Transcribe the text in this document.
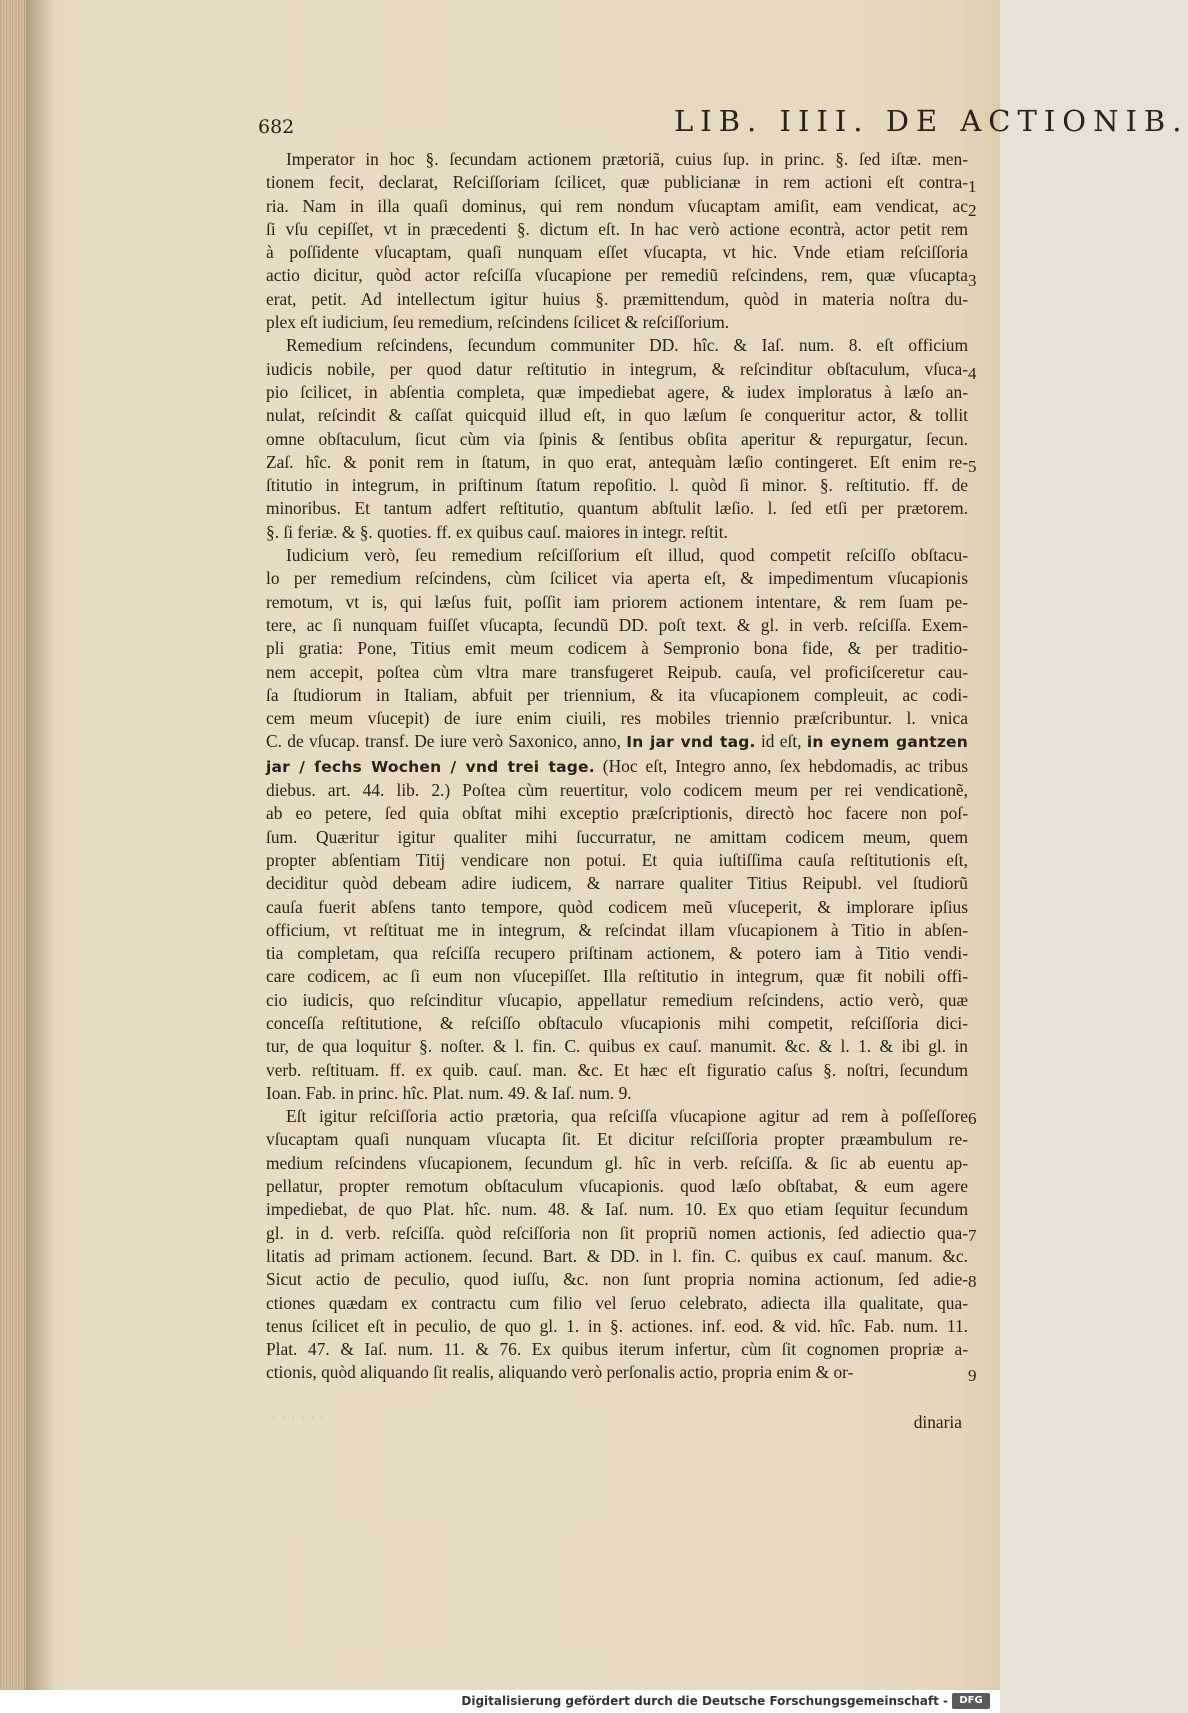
682	LIB. IIII. DE ACTIONIB.
Imperator in hoc §. ſecundam actionem prætoriã, cuius ſup. in princ. §. ſed iſtæ. men-
tionem fecit, declarat, Reſciſſoriam ſcilicet, quæ publicianæ in rem actioni eſt contra-
ria. Nam in illa quaſi dominus, qui rem nondum vſucaptam amiſit, eam vendicat, ac
ſi vſu cepiſſet, vt in præcedenti §. dictum eſt. In hac verò actione econtrà, actor petit rem
à poſſidente vſucaptam, quaſi nunquam eſſet vſucapta, vt hic. Vnde etiam reſciſſoria
actio dicitur, quòd actor reſciſſa vſucapione per remediũ reſcindens, rem, quæ vſucapta
erat, petit. Ad intellectum igitur huius §. præmittendum, quòd in materia noſtra du-
plex eſt iudicium, ſeu remedium, reſcindens ſcilicet & reſciſſorium.
Remedium reſcindens, ſecundum communiter DD. hîc. & Iaſ. num. 8. eſt officium
iudicis nobile, per quod datur reſtitutio in integrum, & reſcinditur obſtaculum, vſuca-
pio ſcilicet, in abſentia completa, quæ impediebat agere, & iudex imploratus à læſo an-
nulat, reſcindit & caſſat quicquid illud eſt, in quo læſum ſe conqueritur actor, & tollit
omne obſtaculum, ſicut cùm via ſpinis & ſentibus obſita aperitur & repurgatur, ſecun.
Zaſ. hîc. & ponit rem in ſtatum, in quo erat, antequàm læſio contingeret. Eſt enim re-
ſtitutio in integrum, in priſtinum ſtatum repoſitio. l. quòd ſi minor. §. reſtitutio. ff. de
minoribus. Et tantum adfert reſtitutio, quantum abſtulit læſio. l. ſed etſi per prætorem.
§. ſi feriæ. & §. quoties. ff. ex quibus cauſ. maiores in integr. reſtit.
Iudicium verò, ſeu remedium reſciſſorium eſt illud, quod competit reſciſſo obſtacu-
lo per remedium reſcindens, cùm ſcilicet via aperta eſt, & impedimentum vſucapionis
remotum, vt is, qui læſus fuit, poſſit iam priorem actionem intentare, & rem ſuam pe-
tere, ac ſi nunquam fuiſſet vſucapta, ſecundũ DD. poſt text. & gl. in verb. reſciſſa. Exem-
pli gratia: Pone, Titius emit meum codicem à Sempronio bona fide, & per traditio-
nem accepit, poſtea cùm vltra mare transfugeret Reipub. cauſa, vel proficiſceretur cau-
ſa ſtudiorum in Italiam, abfuit per triennium, & ita vſucapionem compleuit, ac codi-
cem meum vſucepit) de iure enim ciuili, res mobiles triennio præſcribuntur. l. vnica
C. de vſucap. transf. De iure verò Saxonico, anno, In jar vnd tag. id eſt, in eynem gantzen
jar / ſechs Wochen / vnd trei tage. (Hoc eſt, Integro anno, ſex hebdomadis, ac tribus
diebus. art. 44. lib. 2.) Poſtea cùm reuertitur, volo codicem meum per rei vendicationẽ,
ab eo petere, ſed quia obſtat mihi exceptio præſcriptionis, directò hoc facere non poſ-
ſum. Quæritur igitur qualiter mihi ſuccurratur, ne amittam codicem meum, quem
propter abſentiam Titij vendicare non potui. Et quia iuſtiſſima cauſa reſtitutionis eſt,
deciditur quòd debeam adire iudicem, & narrare qualiter Titius Reipubl. vel ſtudiorũ
cauſa fuerit abſens tanto tempore, quòd codicem meũ vſuceperit, & implorare ipſius
officium, vt reſtituat me in integrum, & reſcindat illam vſucapionem à Titio in abſen-
tia completam, qua reſciſſa recupero priſtinam actionem, & potero iam à Titio vendi-
care codicem, ac ſi eum non vſucepiſſet. Illa reſtitutio in integrum, quæ fit nobili offi-
cio iudicis, quo reſcinditur vſucapio, appellatur remedium reſcindens, actio verò, quæ
conceſſa reſtitutione, & reſciſſo obſtaculo vſucapionis mihi competit, reſciſſoria dici-
tur, de qua loquitur §. noſter. & l. fin. C. quibus ex cauſ. manumit. &c. & l. 1. & ibi gl. in
verb. reſtituam. ff. ex quib. cauſ. man. &c. Et hæc eſt figuratio caſus §. noſtri, ſecundum
Ioan. Fab. in princ. hîc. Plat. num. 49. & Iaſ. num. 9.
Eſt igitur reſciſſoria actio prætoria, qua reſciſſa vſucapione agitur ad rem à poſſeſſore
vſucaptam quaſi nunquam vſucapta ſit. Et dicitur reſciſſoria propter præambulum re-
medium reſcindens vſucapionem, ſecundum gl. hîc in verb. reſciſſa. & ſic ab euentu ap-
pellatur, propter remotum obſtaculum vſucapionis. quod læſo obſtabat, & eum agere
impediebat, de quo Plat. hîc. num. 48. & Iaſ. num. 10. Ex quo etiam ſequitur ſecundum
gl. in d. verb. reſciſſa. quòd reſciſſoria non ſit propriũ nomen actionis, ſed adiectio qua-
litatis ad primam actionem. ſecund. Bart. & DD. in l. fin. C. quibus ex cauſ. manum. &c.
Sicut actio de peculio, quod iuſſu, &c. non ſunt propria nomina actionum, ſed adie-
ctiones quædam ex contractu cum filio vel ſeruo celebrato, adiecta illa qualitate, qua-
tenus ſcilicet eſt in peculio, de quo gl. 1. in §. actiones. inf. eod. & vid. hîc. Fab. num. 11.
Plat. 47. & Iaſ. num. 11. & 76. Ex quibus iterum infertur, cùm ſit cognomen propriæ a-
ctionis, quòd aliquando ſit realis, aliquando verò perſonalis actio, propria enim & or-
1
2
3
4
5
6
7
8
9
· · · · · ·	dinaria
Digitalisierung gefördert durch die Deutsche Forschungsgemeinschaft -	DFG
